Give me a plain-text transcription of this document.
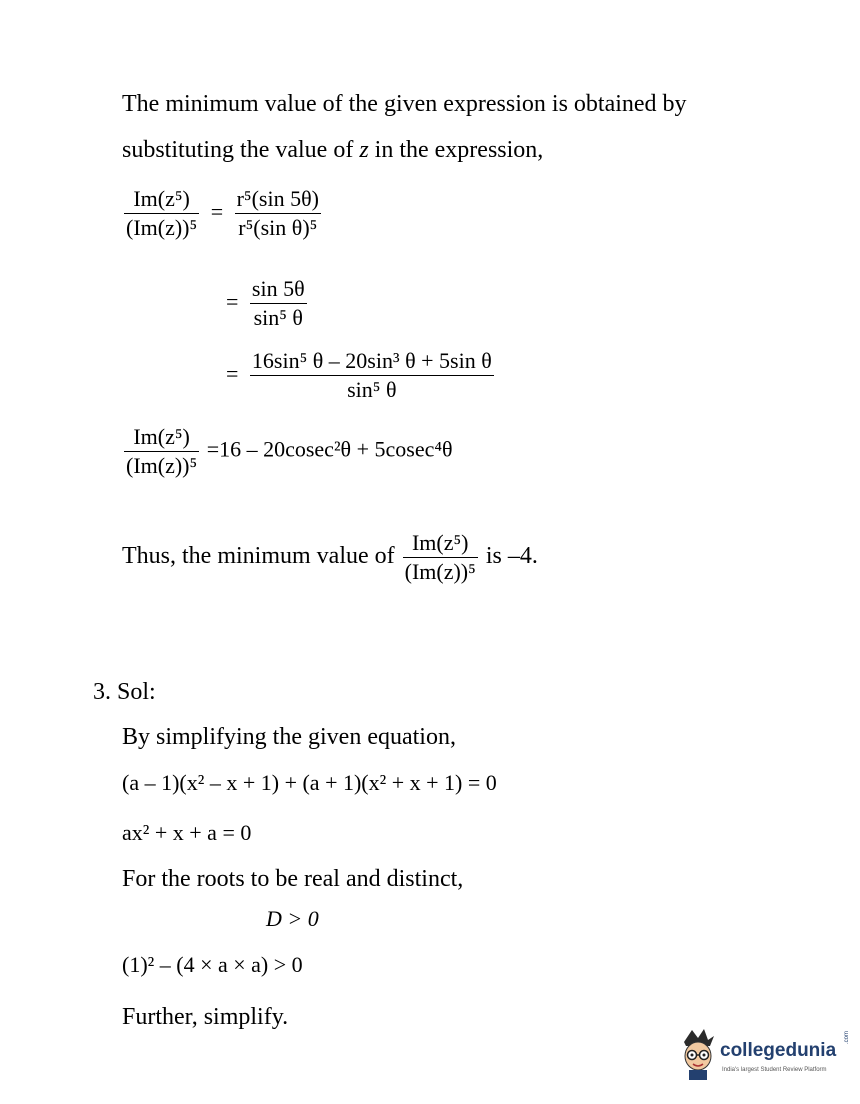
The minimum value of the given expression is obtained by
substituting the value of z in the expression,
$\frac{\text{Im(z⁵)}}{\text{(Im(z))⁵}} = \frac{\text{r⁵(sin 5θ)}}{\text{r⁵(sin θ)⁵}}$
= $\frac{\sin 5\theta}{\text{sin⁵ θ}}$
= $\frac{\text{16sin⁵ θ – 20sin³ θ + 5sin θ}}{\text{sin⁵ θ}}$
$\frac{\text{Im(z⁵)}}{\text{(Im(z))⁵}} =16 - 20cosec^2\theta + 5cosec^4\theta$
Thus, the minimum value of $\frac{\text{Im(z⁵)}}{\text{(Im(z))⁵}}$ is –4.
3. Sol:
By simplifying the given equation,
(a – 1)(x² – x + 1) + (a + 1)(x² + x + 1) = 0
ax² + x + a = 0
For the roots to be real and distinct,
D > 0
(1)² – (4 × a × a) > 0
Further, simplify.
collegedunia
India's largest Student Review Platform
.com
